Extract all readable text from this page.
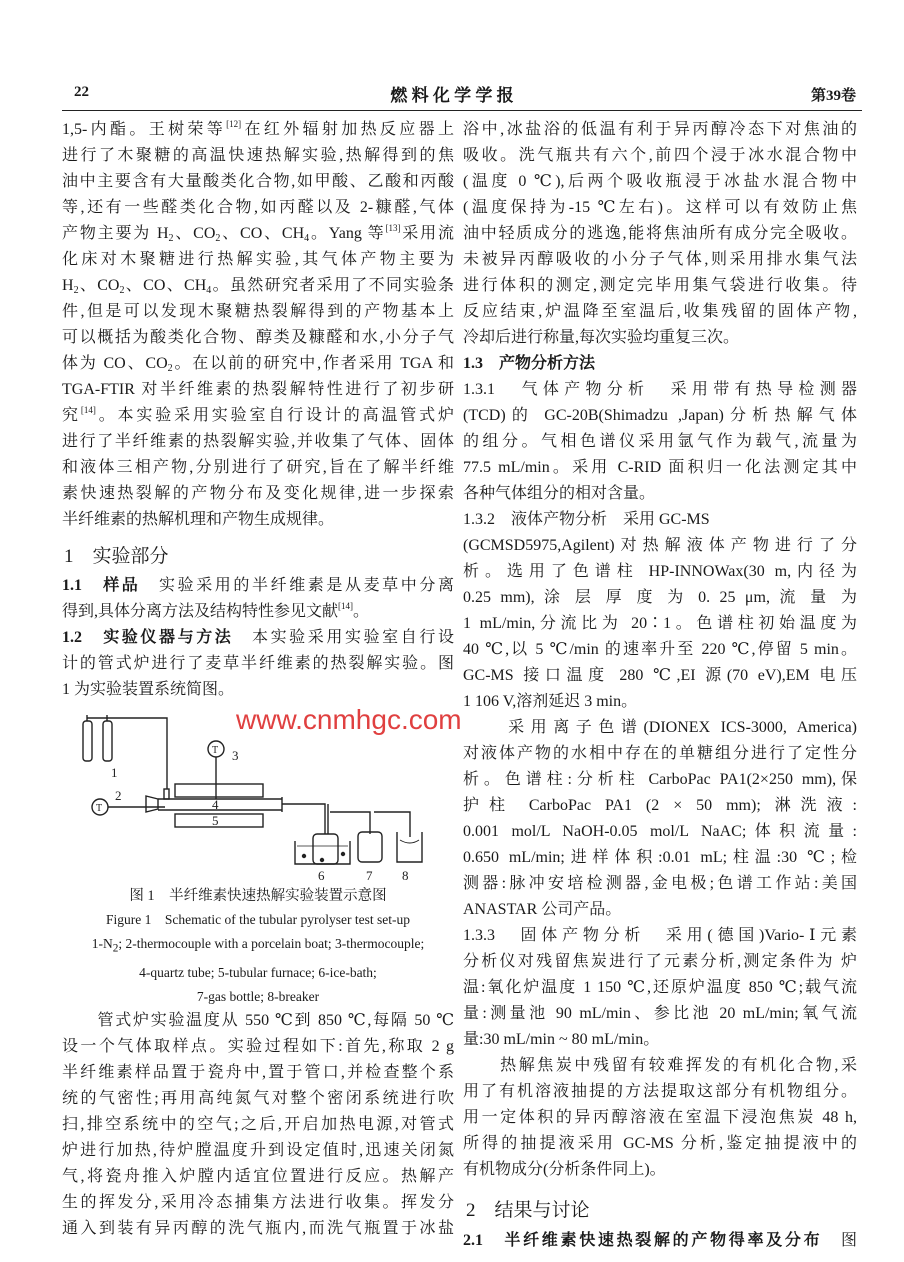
22	燃 料 化 学 学 报	第39卷
1,5-内酯。王树荣等[12]在红外辐射加热反应器上
进行了木聚糖的高温快速热解实验,热解得到的焦
油中主要含有大量酸类化合物,如甲酸、乙酸和丙酸
等,还有一些醛类化合物,如丙醛以及 2-糠醛,气体
产物主要为 $H_2$、$CO_2$、CO、$CH_4$。Yang 等[13]采用流
化床对木聚糖进行热解实验,其气体产物主要为
$H_2$、$CO_2$、CO、$CH_4$。虽然研究者采用了不同实验条
件,但是可以发现木聚糖热裂解得到的产物基本上
可以概括为酸类化合物、醇类及糠醛和水,小分子气
体为 CO、$CO_2$。在以前的研究中,作者采用 TGA 和
TGA-FTIR 对半纤维素的热裂解特性进行了初步研
究[14]。本实验采用实验室自行设计的高温管式炉
进行了半纤维素的热裂解实验,并收集了气体、固体
和液体三相产物,分别进行了研究,旨在了解半纤维
素快速热裂解的产物分布及变化规律,进一步探索
半纤维素的热解机理和产物生成规律。
1　实验部分
1.1　样品　实验采用的半纤维素是从麦草中分离
得到,具体分离方法及结构特性参见文献[14]。
1.2　实验仪器与方法　本实验采用实验室自行设
计的管式炉进行了麦草半纤维素的热裂解实验。图
1 为实验装置系统简图。
T
T
1
2
3
4
5
6	7 8
www.cnmhgc.com
图 1　半纤维素快速热解实验装置示意图
Figure 1　Schematic of the tubular pyrolyser test set-up
$1-N_2$; 2-thermocouple with a porcelain boat; 3-thermocouple;
4-quartz tube; 5-tubular furnace; 6-ice-bath;
7-gas bottle; 8-breaker
　　管式炉实验温度从 550 ℃到 850 ℃,每隔 50 ℃
设一个气体取样点。实验过程如下:首先,称取 2 g
半纤维素样品置于瓷舟中,置于管口,并检查整个系
统的气密性;再用高纯氮气对整个密闭系统进行吹
扫,排空系统中的空气;之后,开启加热电源,对管式
炉进行加热,待炉膛温度升到设定值时,迅速关闭氮
气,将瓷舟推入炉膛内适宜位置进行反应。热解产
生的挥发分,采用冷态捕集方法进行收集。挥发分
通入到装有异丙醇的洗气瓶内,而洗气瓶置于冰盐
浴中,冰盐浴的低温有利于异丙醇冷态下对焦油的
吸收。洗气瓶共有六个,前四个浸于冰水混合物中
(温度 0 ℃),后两个吸收瓶浸于冰盐水混合物中
(温度保持为-15 ℃左右)。这样可以有效防止焦
油中轻质成分的逃逸,能将焦油所有成分完全吸收。
未被异丙醇吸收的小分子气体,则采用排水集气法
进行体积的测定,测定完毕用集气袋进行收集。待
反应结束,炉温降至室温后,收集残留的固体产物,
冷却后进行称量,每次实验均重复三次。
1.3　产物分析方法
1.3.1　气体产物分析　采用带有热导检测器
(TCD)的 GC-20B(Shimadzu ,Japan)分析热解气体
的组分。气相色谱仪采用氩气作为载气,流量为
77.5 mL/min。采用 C-RID 面积归一化法测定其中
各种气体组分的相对含量。
1.3.2　液体产物分析　采用 GC-MS
(GCMSD5975,Agilent)对热解液体产物进行了分
析。选用了色谱柱 HP-INNOWax(30 m,内径为
0.25 mm), 涂 层 厚 度 为 0. 25 μm, 流 量 为
1 mL/min,分流比为 20∶1。色谱柱初始温度为
40 ℃,以 5 ℃/min 的速率升至 220 ℃,停留 5 min。
GC-MS 接口温度 280 ℃,EI 源(70 eV),EM 电压
1 106 V,溶剂延迟 3 min。
　　采用离子色谱(DIONEX ICS-3000, America)
对液体产物的水相中存在的单糖组分进行了定性分
析。色谱柱:分析柱 CarboPac PA1(2×250 mm),保
护柱 CarboPac PA1 (2 × 50 mm); 淋洗液:
0.001 mol/L NaOH-0.05 mol/L NaAC;体积流量:
0.650 mL/min;进样体积:0.01 mL;柱温:30 ℃;检
测器:脉冲安培检测器,金电极;色谱工作站:美国
ANASTAR 公司产品。
1.3.3　固体产物分析　采用(德国)Vario-Ⅰ元素
分析仪对残留焦炭进行了元素分析,测定条件为 炉
温:氧化炉温度 1 150 ℃,还原炉温度 850 ℃;载气流
量:测量池 90 mL/min、参比池 20 mL/min;氧气流
量:30 mL/min ~ 80 mL/min。
　　热解焦炭中残留有较难挥发的有机化合物,采
用了有机溶液抽提的方法提取这部分有机物组分。
用一定体积的异丙醇溶液在室温下浸泡焦炭 48 h,
所得的抽提液采用 GC-MS 分析,鉴定抽提液中的
有机物成分(分析条件同上)。
2　结果与讨论
2.1　半纤维素快速热裂解的产物得率及分布　图
